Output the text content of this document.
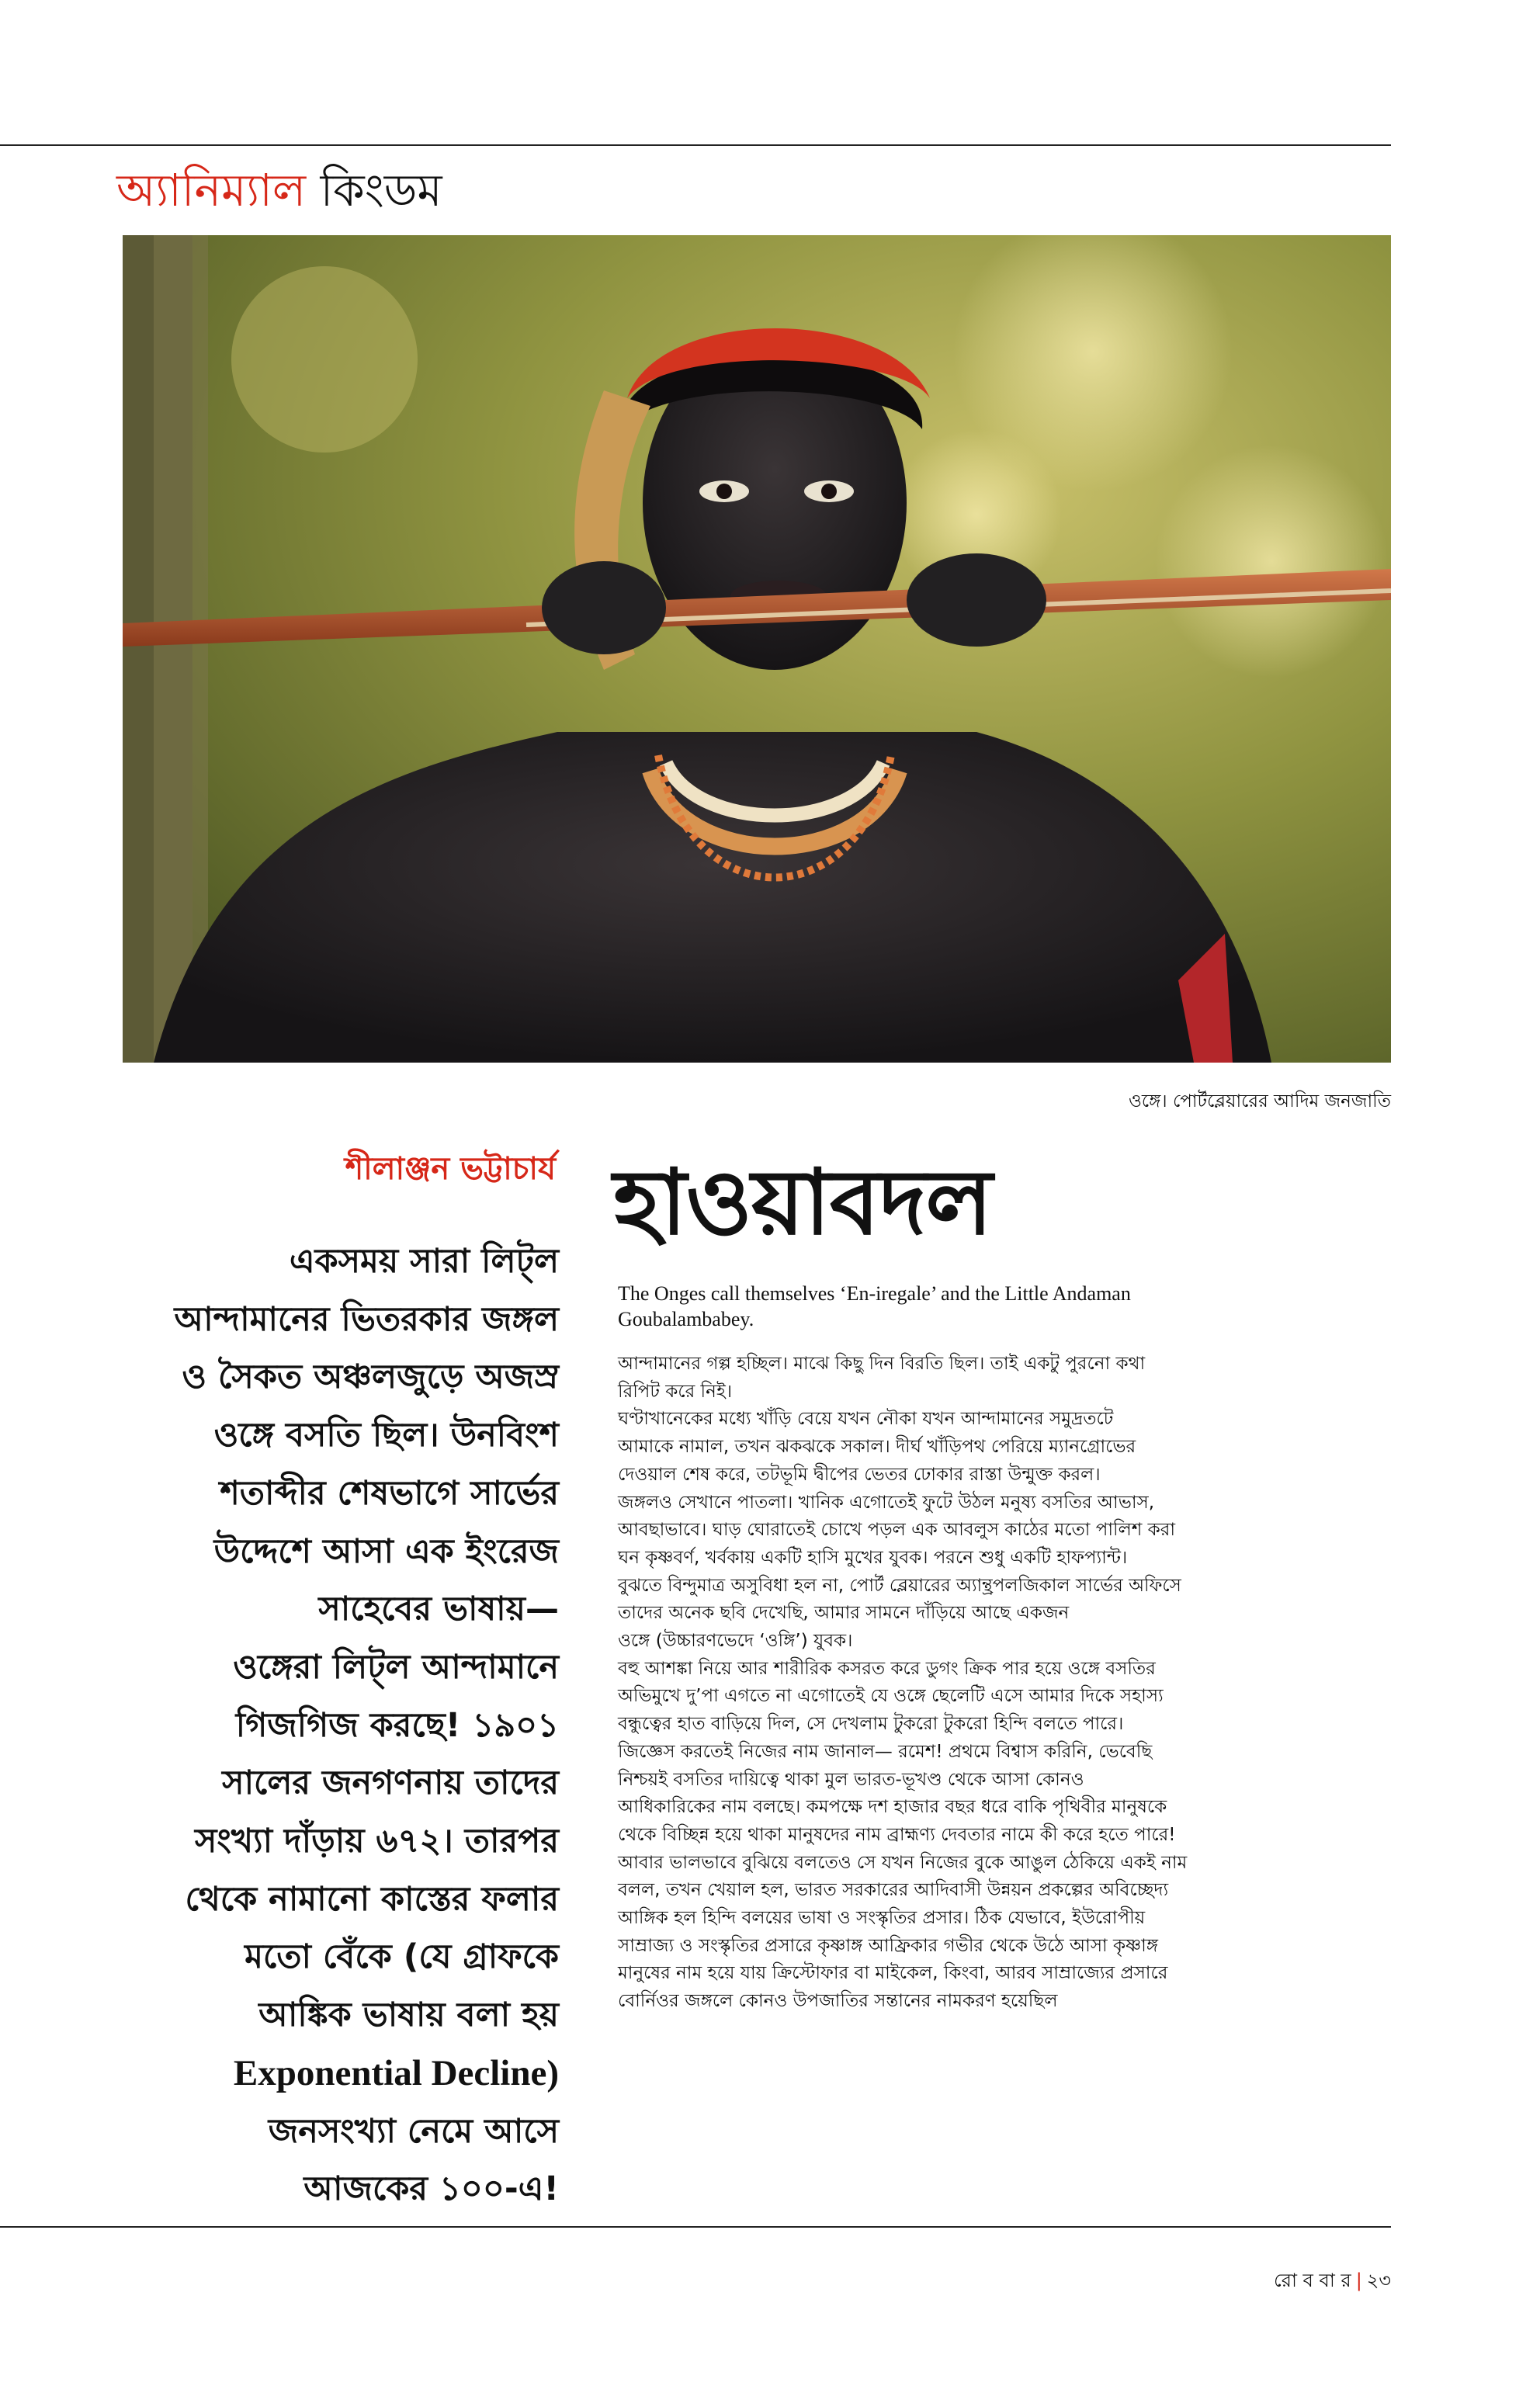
অ্যানিম্যাল কিংডম
ওঙ্গে। পোর্টব্লেয়ারের আদিম জনজাতি
শীলাঞ্জন ভট্টাচার্য
একসময় সারা লিট্‌ল
আন্দামানের ভিতরকার জঙ্গল
ও সৈকত অঞ্চলজুড়ে অজস্র
ওঙ্গে বসতি ছিল। উনবিংশ
শতাব্দীর শেষভাগে সার্ভের
উদ্দেশে আসা এক ইংরেজ
সাহেবের ভাষায়—
ওঙ্গেরা লিট্‌ল আন্দামানে
গিজগিজ করছে! ১৯০১
সালের জনগণনায় তাদের
সংখ্যা দাঁড়ায় ৬৭২। তারপর
থেকে নামানো কাস্তের ফলার
মতো বেঁকে (যে গ্রাফকে
আঙ্কিক ভাষায় বলা হয়
Exponential Decline)
জনসংখ্যা নেমে আসে
আজকের ১০০-এ!
হাওয়াবদল
The Onges call themselves ‘En-iregale’ and the Little Andaman
Goubalambabey.
আন্দামানের গল্প হচ্ছিল। মাঝে কিছু দিন বিরতি ছিল। তাই একটু পুরনো কথা
রিপিট করে নিই।
ঘণ্টাখানেকের মধ্যে খাঁড়ি বেয়ে যখন নৌকা যখন আন্দামানের সমুদ্রতটে
আমাকে নামাল, তখন ঝকঝকে সকাল। দীর্ঘ খাঁড়িপথ পেরিয়ে ম্যানগ্রোভের
দেওয়াল শেষ করে, তটভূমি দ্বীপের ভেতর ঢোকার রাস্তা উন্মুক্ত করল।
জঙ্গলও সেখানে পাতলা। খানিক এগোতেই ফুটে উঠল মনুষ্য বসতির আভাস,
আবছাভাবে। ঘাড় ঘোরাতেই চোখে পড়ল এক আবলুস কাঠের মতো পালিশ করা
ঘন কৃষ্ণবর্ণ, খর্বকায় একটি হাসি মুখের যুবক। পরনে শুধু একটি হাফপ্যান্ট।
বুঝতে বিন্দুমাত্র অসুবিধা হল না, পোর্ট ব্লেয়ারের অ্যান্থ্রপলজিকাল সার্ভের অফিসে
তাদের অনেক ছবি দেখেছি, আমার সামনে দাঁড়িয়ে আছে একজন
ওঙ্গে (উচ্চারণভেদে ‘ওঙ্গি’) যুবক।
বহু আশঙ্কা নিয়ে আর শারীরিক কসরত করে ডুগং ক্রিক পার হয়ে ওঙ্গে বসতির
অভিমুখে দু’পা এগতে না এগোতেই যে ওঙ্গে ছেলেটি এসে আমার দিকে সহাস্য
বন্ধুত্বের হাত বাড়িয়ে দিল, সে দেখলাম টুকরো টুকরো হিন্দি বলতে পারে।
জিজ্ঞেস করতেই নিজের নাম জানাল— রমেশ! প্রথমে বিশ্বাস করিনি, ভেবেছি
নিশ্চয়ই বসতির দায়িত্বে থাকা মুল ভারত-ভূখণ্ড থেকে আসা কোনও
আধিকারিকের নাম বলছে। কমপক্ষে দশ হাজার বছর ধরে বাকি পৃথিবীর মানুষকে
থেকে বিচ্ছিন্ন হয়ে থাকা মানুষদের নাম ব্রাহ্মণ্য দেবতার নামে কী করে হতে পারে!
আবার ভালভাবে বুঝিয়ে বলতেও সে যখন নিজের বুকে আঙুল ঠেকিয়ে একই নাম
বলল, তখন খেয়াল হল, ভারত সরকারের আদিবাসী উন্নয়ন প্রকল্পের অবিচ্ছেদ্য
আঙ্গিক হল হিন্দি বলয়ের ভাষা ও সংস্কৃতির প্রসার। ঠিক যেভাবে, ইউরোপীয়
সাম্রাজ্য ও সংস্কৃতির প্রসারে কৃষ্ণাঙ্গ আফ্রিকার গভীর থেকে উঠে আসা কৃষ্ণাঙ্গ
মানুষের নাম হয়ে যায় ক্রিস্টোফার বা মাইকেল, কিংবা, আরব সাম্রাজ্যের প্রসারে
বোর্নিওর জঙ্গলে কোনও উপজাতির সন্তানের নামকরণ হয়েছিল
রো ব বা র | ২৩
